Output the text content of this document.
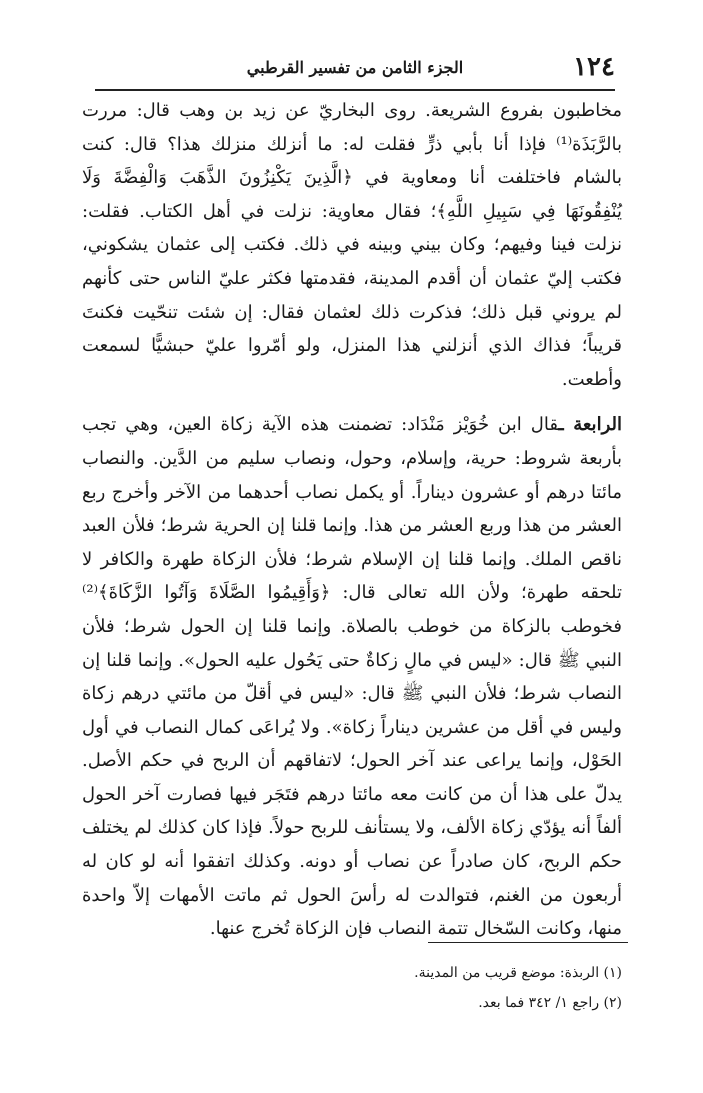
١٢٤
الجزء الثامن من تفسير القرطبي

مخاطبون بفروع الشريعة. روى البخاريّ عن زيد بن وهب قال: مررت بالرَّبَذَة⁽¹⁾ فإذا أنا بأبي ذرٍّ فقلت له: ما أنزلك منزلك هذا؟ قال: كنت بالشام فاختلفت أنا ومعاوية في ﴿الَّذِينَ يَكْنِزُونَ الذَّهَبَ وَالْفِضَّةَ وَلَا يُنْفِقُونَهَا فِي سَبِيلِ اللَّهِ﴾؛ فقال معاوية: نزلت في أهل الكتاب. فقلت: نزلت فينا وفيهم؛ وكان بيني وبينه في ذلك. فكتب إلى عثمان يشكوني، فكتب إليّ عثمان أن أقدم المدينة، فقدمتها فكثر عليّ الناس حتى كأنهم لم يروني قبل ذلك؛ فذكرت ذلك لعثمان فقال: إن شئت تنحّيت فكنتَ قريباً؛ فذاك الذي أنزلني هذا المنزل، ولو أمّروا عليّ حبشيًّا لسمعت وأطعت.

الرابعة ـقال ابن خُوَيْز مَنْدَاد: تضمنت هذه الآية زكاة العين، وهي تجب بأربعة شروط: حرية، وإسلام، وحول، ونصاب سليم من الدَّين. والنصاب مائتا درهم أو عشرون ديناراً. أو يكمل نصاب أحدهما من الآخر وأخرج ربع العشر من هذا وربع العشر من هذا. وإنما قلنا إن الحرية شرط؛ فلأن العبد ناقص الملك. وإنما قلنا إن الإسلام شرط؛ فلأن الزكاة طهرة والكافر لا تلحقه طهرة؛ ولأن الله تعالى قال: ﴿وَأَقِيمُوا الصَّلَاةَ وَآتُوا الزَّكَاةَ﴾⁽²⁾ فخوطب بالزكاة من خوطب بالصلاة. وإنما قلنا إن الحول شرط؛ فلأن النبي ﷺ قال: «ليس في مالٍ زكاةٌ حتى يَحُول عليه الحول». وإنما قلنا إن النصاب شرط؛ فلأن النبي ﷺ قال: «ليس في أقلّ من مائتي درهم زكاة وليس في أقل من عشرين ديناراً زكاة». ولا يُراعَى كمال النصاب في أول الحَوْل، وإنما يراعى عند آخر الحول؛ لاتفاقهم أن الربح في حكم الأصل. يدلّ على هذا أن من كانت معه مائتا درهم فتَجَر فيها فصارت آخر الحول ألفاً أنه يؤدّي زكاة الألف، ولا يستأنف للربح حولاً. فإذا كان كذلك لم يختلف حكم الربح، كان صادراً عن نصاب أو دونه. وكذلك اتفقوا أنه لو كان له أربعون من الغنم، فتوالدت له رأسَ الحول ثم ماتت الأمهات إلاّ واحدة منها، وكانت السّخال تتمة النصاب فإن الزكاة تُخرج عنها.

(١) الربذة: موضع قريب من المدينة.

(٢) راجع ١/ ٣٤٢ فما بعد.
